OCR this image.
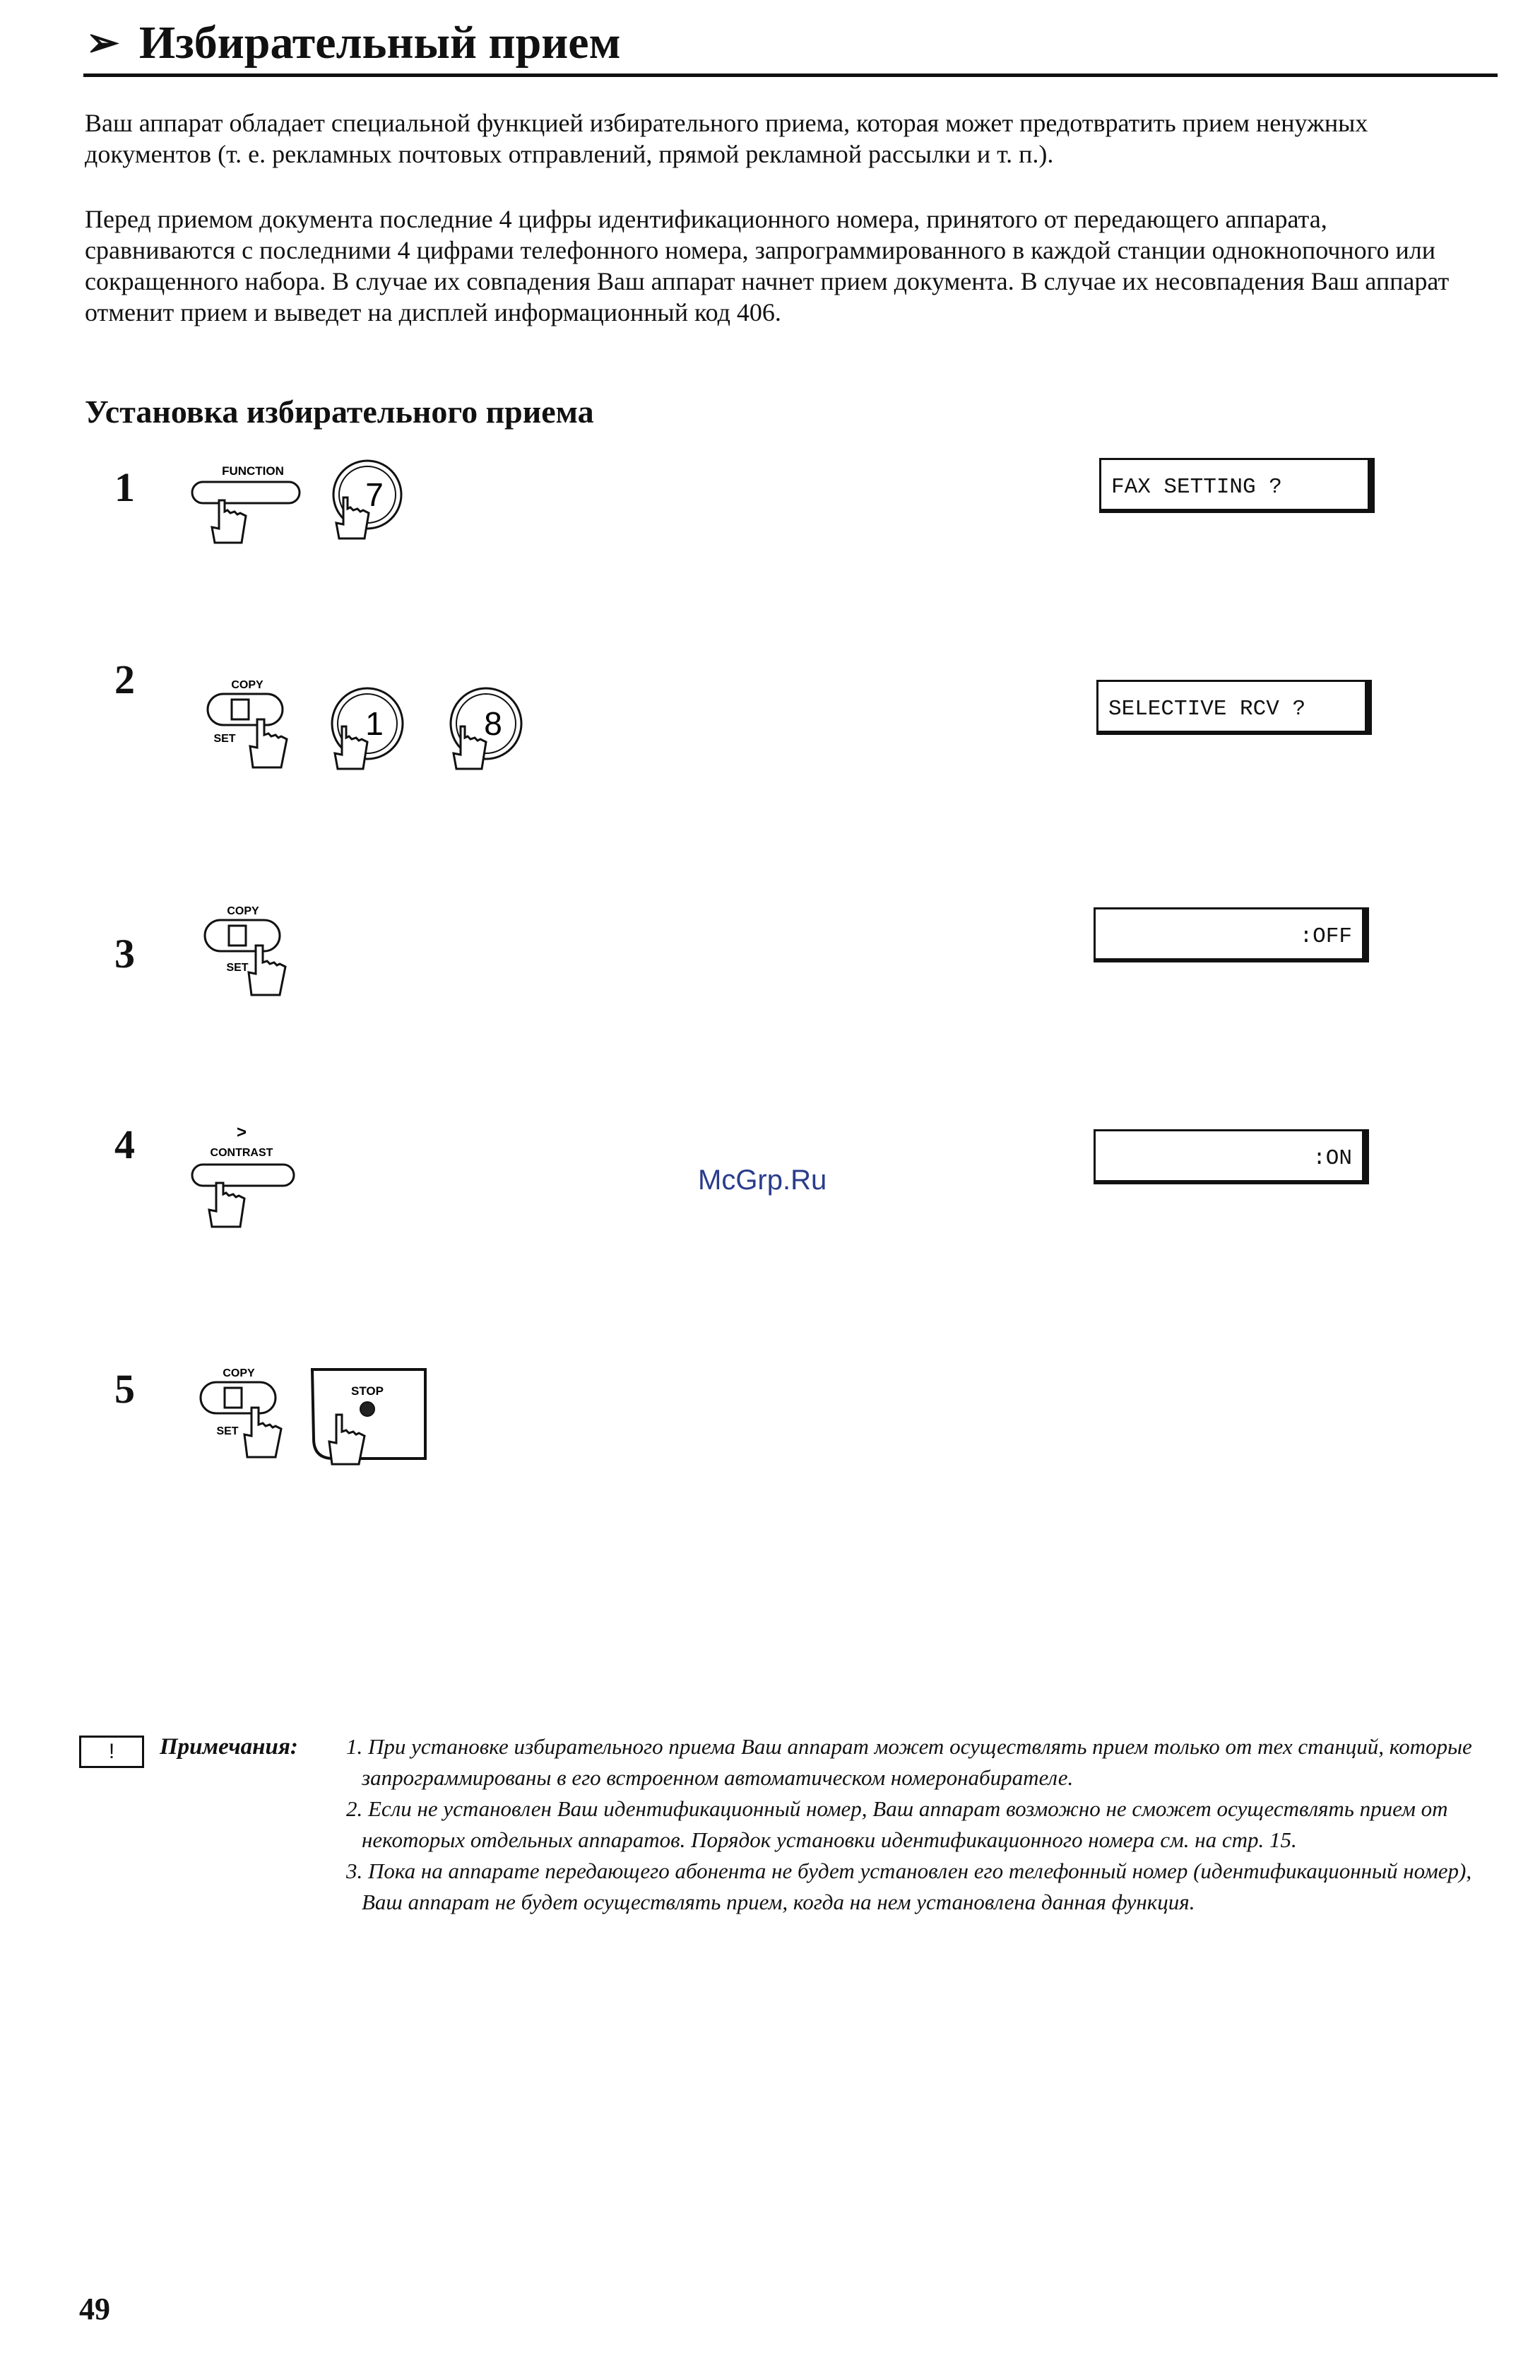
➢ Избирательный прием
Ваш аппарат обладает специальной функцией избирательного приема, которая может предотвратить прием ненужных документов (т. е. рекламных почтовых отправлений, прямой рекламной рассылки и т. п.).
Перед приемом документа последние 4 цифры идентификационного номера, принятого от передающего аппарата, сравниваются с последними 4 цифрами телефонного номера, запрограммированного в каждой станции однокнопочного или сокращенного набора. В случае их совпадения Ваш аппарат начнет прием документа. В случае их несовпадения Ваш аппарат отменит прием и выведет на дисплей информационный код 406.
Установка избирательного приема
1	FUNCTION
7	FAX SETTING ?
2	COPY
SET	1	8	SELECTIVE RCV ?
3
COPY
SET
:OFF
4	>
CONTRAST	:ON
McGrp.Ru
5	COPY
SET
STOP
!	Примечания: 1. При установке избирательного приема Ваш аппарат может осуществлять прием только от тех станций, которые запрограммированы в его встроенном автоматическом номеронабирателе.
2. Если не установлен Ваш идентификационный номер, Ваш аппарат возможно не сможет осуществлять прием от некоторых отдельных аппаратов. Порядок установки идентификационного номера см. на стр. 15.
3. Пока на аппарате передающего абонента не будет установлен его телефонный номер (идентификационный номер), Ваш аппарат не будет осуществлять прием, когда на нем установлена данная функция.
49
